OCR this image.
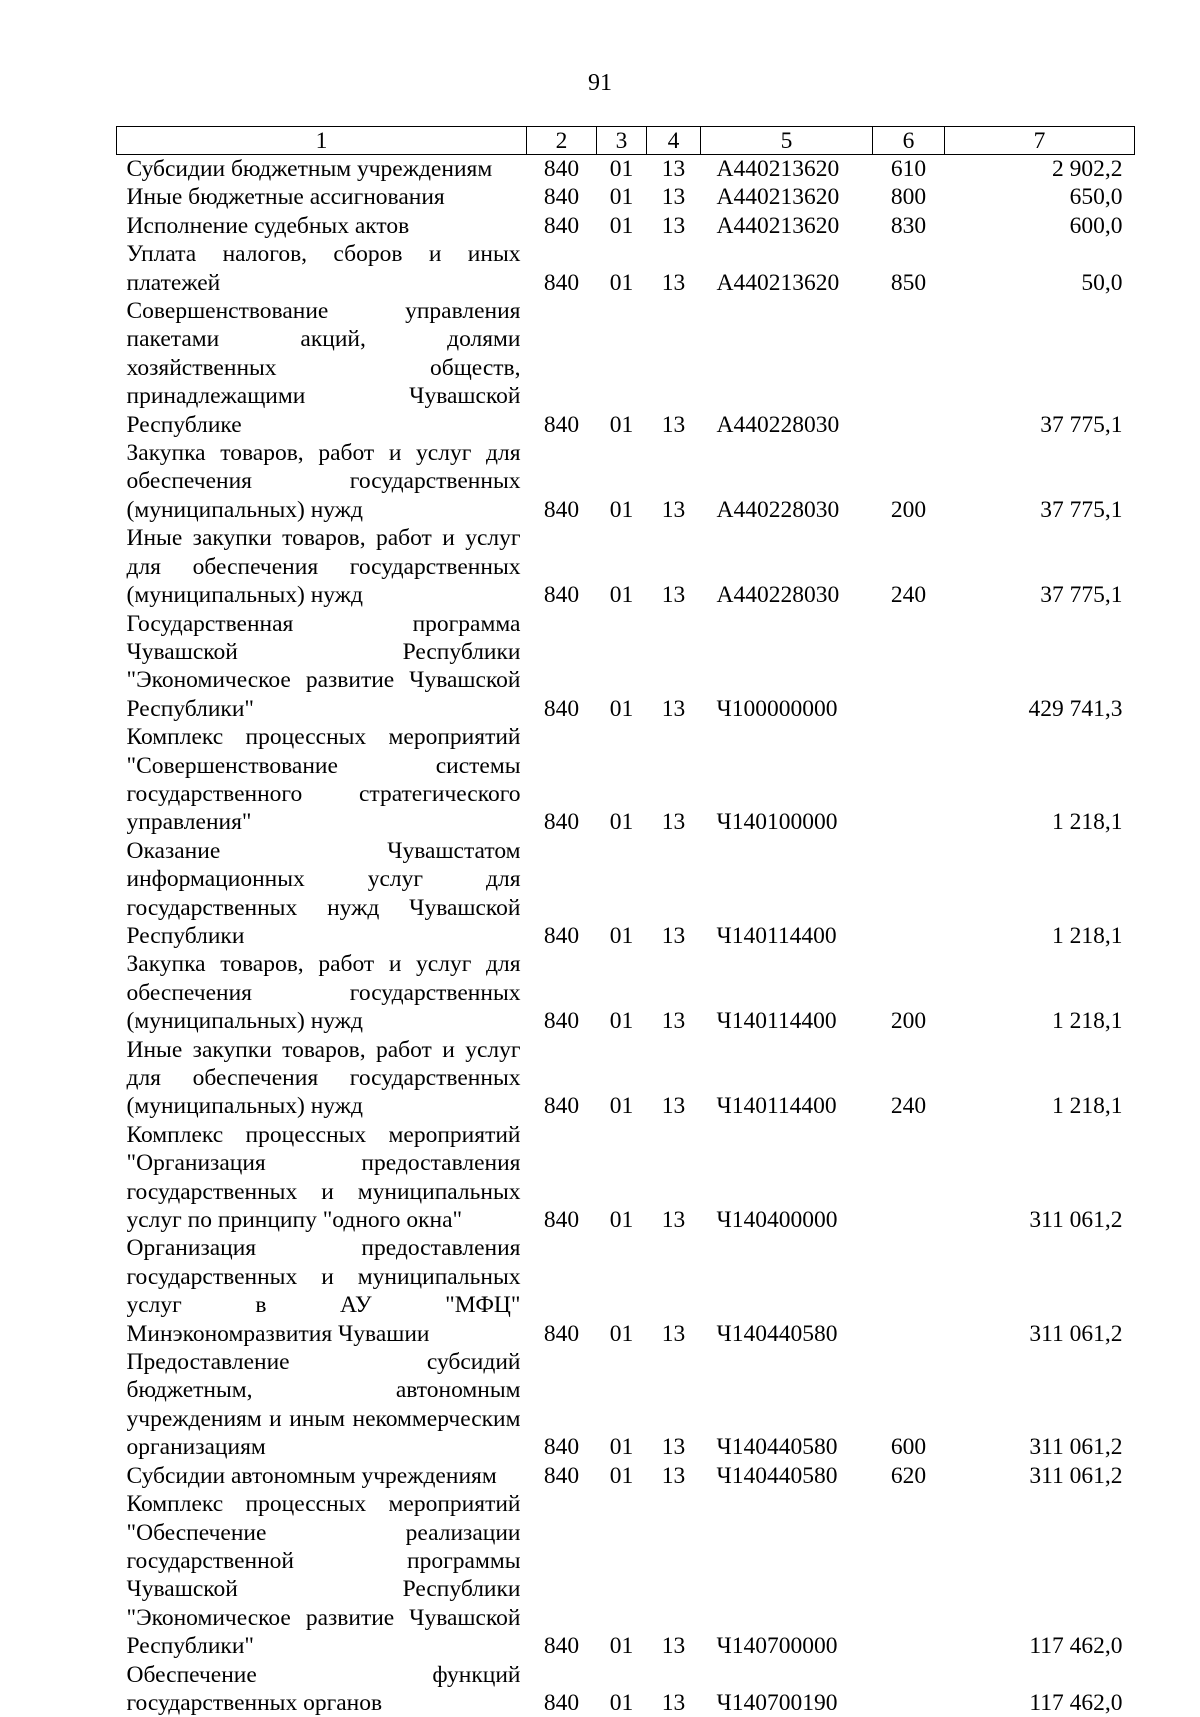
91
1	2	3	4	5	6	7
Субсидии бюджетным учреждениям	840	01	13	А440213620	610	2 902,2
Иные бюджетные ассигнования	840	01	13	А440213620	800	650,0
Исполнение судебных актов	840	01	13	А440213620	830	600,0
Уплата налогов, сборов и иных платежей	840	01	13	А440213620	850	50,0
Совершенствование управления пакетами акций, долями хозяйственных обществ, принадлежащими Чувашской Республике	840	01	13	А440228030		37 775,1
Закупка товаров, работ и услуг для обеспечения государственных (муниципальных) нужд	840	01	13	А440228030	200	37 775,1
Иные закупки товаров, работ и услуг для обеспечения государственных (муниципальных) нужд	840	01	13	А440228030	240	37 775,1
Государственная программа Чувашской Республики "Экономическое развитие Чувашской Республики"	840	01	13	Ч100000000		429 741,3
Комплекс процессных мероприятий "Совершенствование системы государственного стратегического управления"	840	01	13	Ч140100000		1 218,1
Оказание Чувашстатом информационных услуг для государственных нужд Чувашской Республики	840	01	13	Ч140114400		1 218,1
Закупка товаров, работ и услуг для обеспечения государственных (муниципальных) нужд	840	01	13	Ч140114400	200	1 218,1
Иные закупки товаров, работ и услуг для обеспечения государственных (муниципальных) нужд	840	01	13	Ч140114400	240	1 218,1
Комплекс процессных мероприятий "Организация предоставления государственных и муниципальных услуг по принципу "одного окна"	840	01	13	Ч140400000		311 061,2
Организация предоставления государственных и муниципальных услуг в АУ "МФЦ" Минэкономразвития Чувашии	840	01	13	Ч140440580		311 061,2
Предоставление субсидий бюджетным, автономным учреждениям и иным некоммерческим организациям	840	01	13	Ч140440580	600	311 061,2
Субсидии автономным учреждениям	840	01	13	Ч140440580	620	311 061,2
Комплекс процессных мероприятий "Обеспечение реализации государственной программы Чувашской Республики "Экономическое развитие Чувашской Республики"	840	01	13	Ч140700000		117 462,0
Обеспечение функций государственных органов	840	01	13	Ч140700190		117 462,0
